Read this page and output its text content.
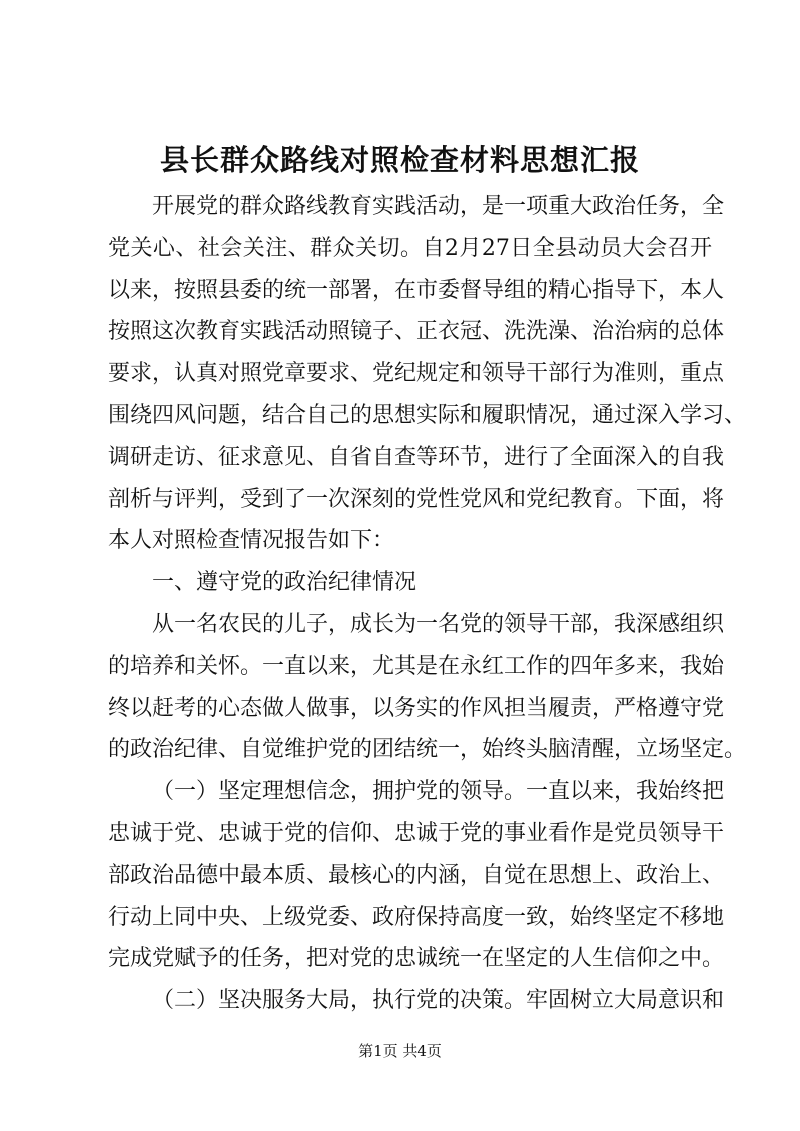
县长群众路线对照检查材料思想汇报
开展党的群众路线教育实践活动，是一项重大政治任务，全
党关心、社会关注、群众关切。自2月27日全县动员大会召开
以来，按照县委的统一部署，在市委督导组的精心指导下，本人
按照这次教育实践活动照镜子、正衣冠、洗洗澡、治治病的总体
要求，认真对照党章要求、党纪规定和领导干部行为准则，重点
围绕四风问题，结合自己的思想实际和履职情况，通过深入学习、
调研走访、征求意见、自省自查等环节，进行了全面深入的自我
剖析与评判，受到了一次深刻的党性党风和党纪教育。下面，将
本人对照检查情况报告如下：
一、遵守党的政治纪律情况
从一名农民的儿子，成长为一名党的领导干部，我深感组织
的培养和关怀。一直以来，尤其是在永红工作的四年多来，我始
终以赶考的心态做人做事，以务实的作风担当履责，严格遵守党
的政治纪律、自觉维护党的团结统一，始终头脑清醒，立场坚定。
（一）坚定理想信念，拥护党的领导。一直以来，我始终把
忠诚于党、忠诚于党的信仰、忠诚于党的事业看作是党员领导干
部政治品德中最本质、最核心的内涵，自觉在思想上、政治上、
行动上同中央、上级党委、政府保持高度一致，始终坚定不移地
完成党赋予的任务，把对党的忠诚统一在坚定的人生信仰之中。
（二）坚决服务大局，执行党的决策。牢固树立大局意识和
第1页 共4页
